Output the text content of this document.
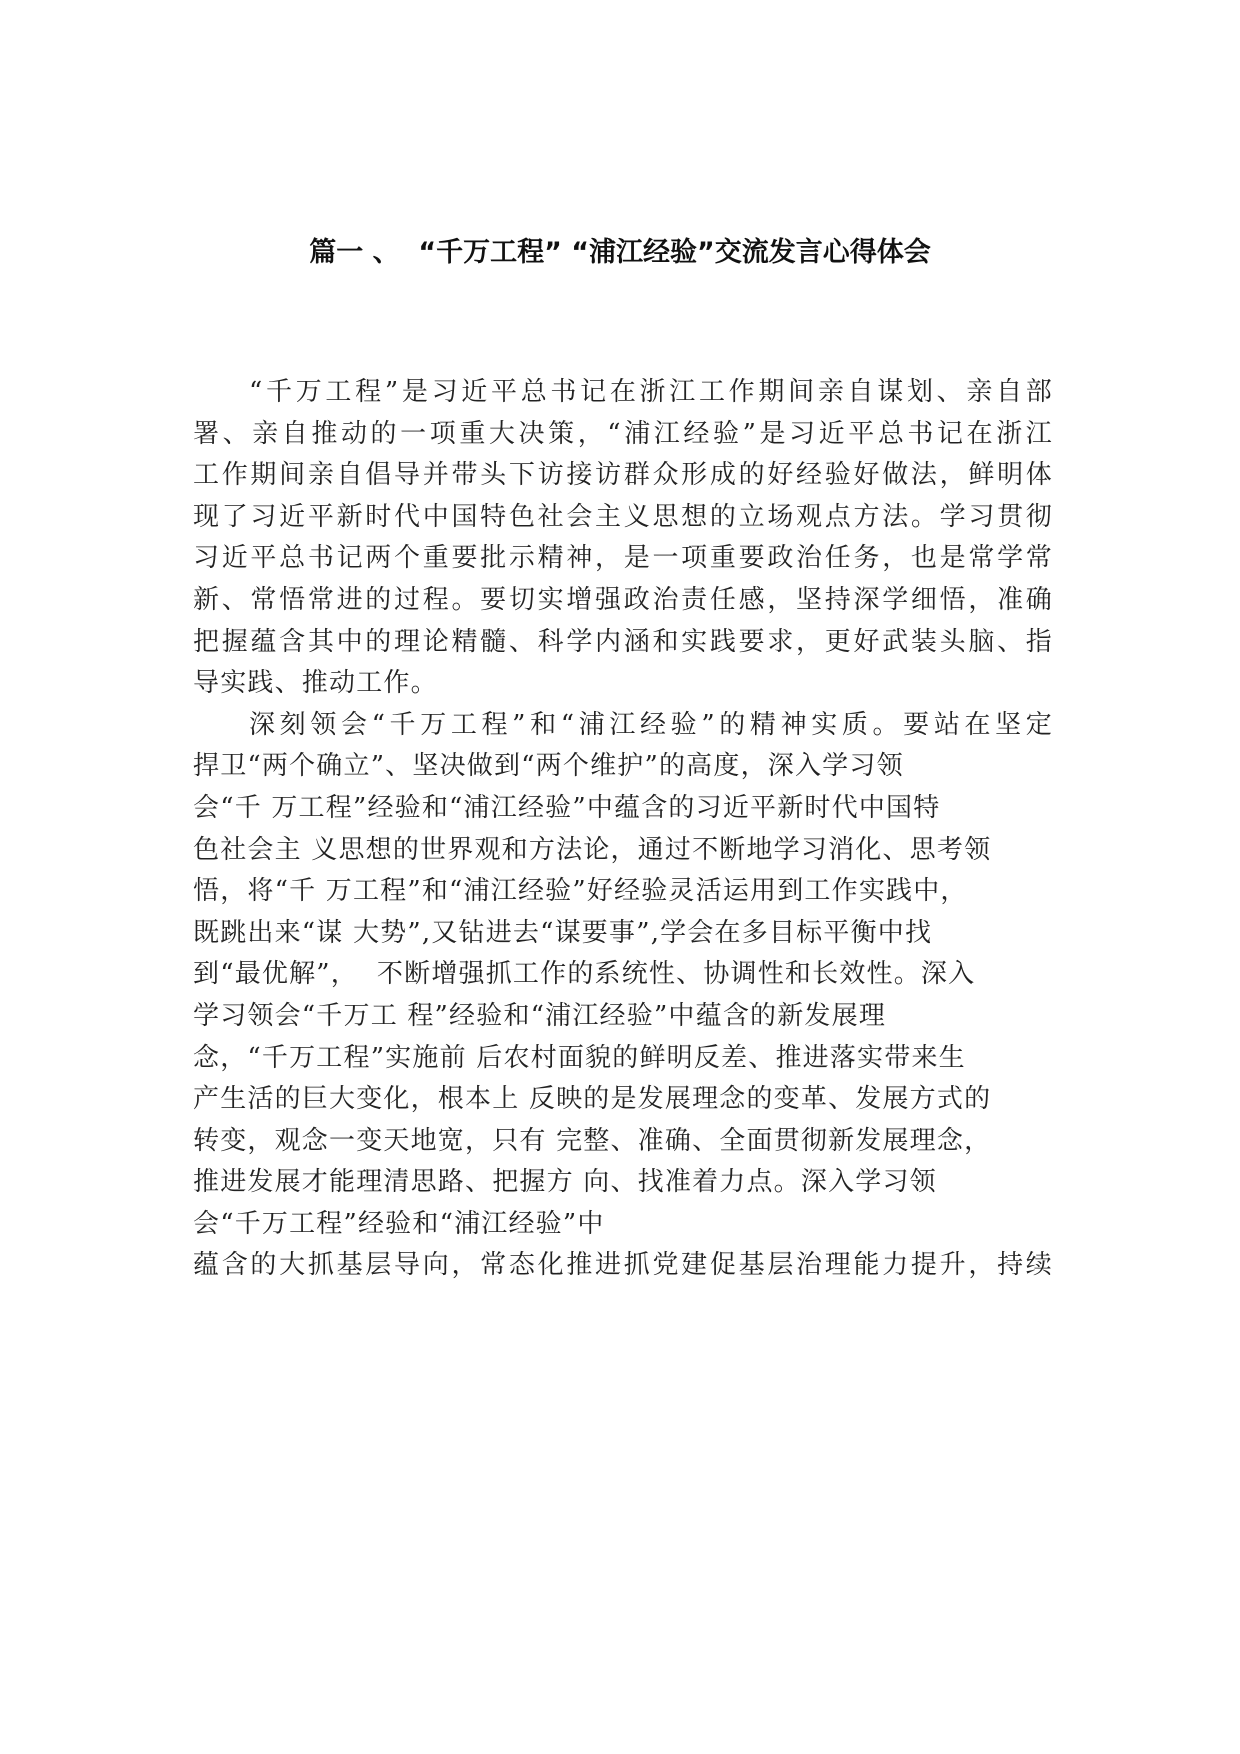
篇一 、  “千万工程” “浦江经验”交流发言心得体会
“千万工程”是习近平总书记在浙江工作期间亲自谋划、亲自部
署、亲自推动的一项重大决策，“浦江经验”是习近平总书记在浙江
工作期间亲自倡导并带头下访接访群众形成的好经验好做法，鲜明体
现了习近平新时代中国特色社会主义思想的立场观点方法。学习贯彻
习近平总书记两个重要批示精神，是一项重要政治任务，也是常学常
新、常悟常进的过程。要切实增强政治责任感，坚持深学细悟，准确
把握蕴含其中的理论精髓、科学内涵和实践要求，更好武装头脑、指
导实践、推动工作。
深刻领会“千万工程”和“浦江经验”的精神实质。要站在坚定
捍卫“两个确立”、坚决做到“两个维护”的高度，深入学习领
会“千 万工程”经验和“浦江经验”中蕴含的习近平新时代中国特
色社会主 义思想的世界观和方法论，通过不断地学习消化、思考领
悟，将“千 万工程”和“浦江经验”好经验灵活运用到工作实践中，
既跳出来“谋 大势”,又钻进去“谋要事”,学会在多目标平衡中找
到“最优解”，  不断增强抓工作的系统性、协调性和长效性。深入
学习领会“千万工 程”经验和“浦江经验”中蕴含的新发展理
念，“千万工程”实施前 后农村面貌的鲜明反差、推进落实带来生
产生活的巨大变化，根本上 反映的是发展理念的变革、发展方式的
转变，观念一变天地宽，只有 完整、准确、全面贯彻新发展理念，
推进发展才能理清思路、把握方 向、找准着力点。深入学习领
会“千万工程”经验和“浦江经验”中
蕴含的大抓基层导向，常态化推进抓党建促基层治理能力提升，持续
